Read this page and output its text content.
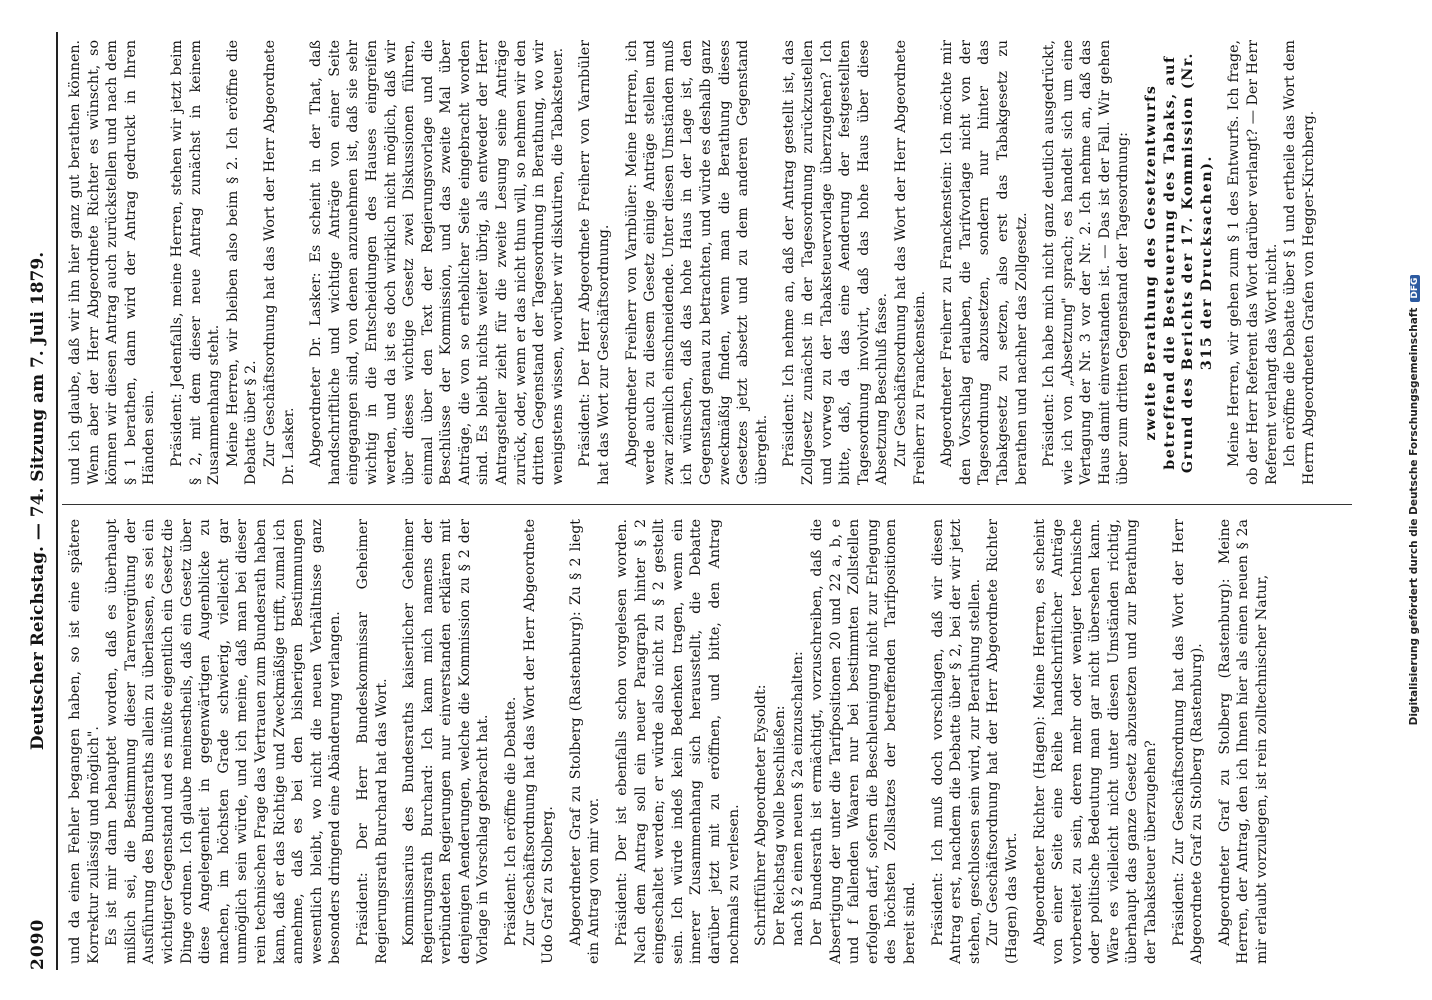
2090
Deutscher Reichstag. — 74. Sitzung am 7. Juli 1879. und da einen Fehler begangen haben, so ist eine spätere Korrektur zulässig und möglich". Es ist mir dann behauptet worden, daß es überhaupt mißlich sei, die Bestimmung dieser Tarenvergütung der Ausführung des Bundesraths allein zu überlassen, es sei ein wichtiger Gegenstand und es müßte eigentlich ein Gesetz die Dinge ordnen. Ich glaube meinestheils, daß ein Gesetz über diese Angelegenheit in gegenwärtigen Augenblicke zu machen, im höchsten Grade schwierig, vielleicht gar unmöglich sein würde, und ich meine, daß man bei dieser rein technischen Frage das Vertrauen zum Bundesrath haben kann, daß er das Richtige und Zweckmäßige trifft, zumal ich annehme, daß es bei den bisherigen Bestimmungen wesentlich bleibt, wo nicht die neuen Verhältnisse ganz besonders dringend eine Abänderung verlangen. Präsident: Der Herr Bundeskommissar Geheimer Regierungsrath Burchard hat das Wort. Kommissarius des Bundesraths kaiserlicher Geheimer Regierungsrath Burchard: Ich kann mich namens der verbündeten Regierungen nur einverstanden erklären mit denjenigen Aenderungen, welche die Kommission zu § 2 der Vorlage in Vorschlag gebracht hat. Präsident: Ich eröffne die Debatte. Zur Geschäftsordnung hat das Wort der Herr Abgeordnete Udo Graf zu Stolberg. Abgeordneter Graf zu Stolberg (Rastenburg): Zu § 2 liegt ein Antrag von mir vor. Präsident: Der ist ebenfalls schon vorgelesen worden. Nach dem Antrag soll ein neuer Paragraph hinter § 2 eingeschaltet werden; er würde also nicht zu § 2 gestellt sein. Ich würde indeß kein Bedenken tragen, wenn ein innerer Zusammenhang sich herausstellt, die Debatte darüber jetzt mit zu eröffnen, und bitte, den Antrag nochmals zu verlesen. Schriftführer Abgeordneter Eysoldt: Der Reichstag wolle beschließen: nach § 2 einen neuen § 2a einzuschalten: Der Bundesrath ist ermächtigt, vorzuschreiben, daß die Absertigung der unter die Tarifpositionen 20 und 22 a, b, e und f fallenden Waaren nur bei bestimmten Zollstellen erfolgen darf, sofern die Beschleunigung nicht zur Erlegung des höchsten Zollsatzes der betreffenden Tarifpositionen bereit sind. Präsident: Ich muß doch vorschlagen, daß wir diesen Antrag erst, nachdem die Debatte über § 2, bei der wir jetzt stehen, geschlossen sein wird, zur Berathung stellen. Zur Geschäftsordnung hat der Herr Abgeordnete Richter (Hagen) das Wort. Abgeordneter Richter (Hagen): Meine Herren, es scheint von einer Seite eine Reihe handschriftlicher Anträge vorbereitet zu sein, deren mehr oder weniger technische oder politische Bedeutung man gar nicht übersehen kann. Wäre es vielleicht nicht unter diesen Umständen richtig, überhaupt das ganze Gesetz abzusetzen und zur Berathung der Tabaksteuer überzugehen? Präsident: Zur Geschäftsordnung hat das Wort der Herr Abgeordnete Graf zu Stolberg (Rastenburg). Abgeordneter Graf zu Stolberg (Rastenburg): Meine Herren, der Antrag, den ich Ihnen hier als einen neuen § 2a mir erlaubt vorzulegen, ist rein zolltechnischer Natur,

und ich glaube, daß wir ihn hier ganz gut berathen können. Wenn aber der Herr Abgeordnete Richter es wünscht, so können wir diesen Antrag auch zurückstellen und nach dem § 1 berathen, dann wird der Antrag gedruckt in Ihren Händen sein. Präsident: Jedenfalls, meine Herren, stehen wir jetzt beim § 2, mit dem dieser neue Antrag zunächst in keinem Zusammenhang steht. Meine Herren, wir bleiben also beim § 2. Ich eröffne die Debatte über § 2. Zur Geschäftsordnung hat das Wort der Herr Abgeordnete Dr. Lasker. Abgeordneter Dr. Lasker: Es scheint in der That, daß handschriftliche und wichtige Anträge von einer Seite eingegangen sind, von denen anzunehmen ist, daß sie sehr wichtig in die Entscheidungen des Hauses eingreifen werden, und da ist es doch wirklich nicht möglich, daß wir über dieses wichtige Gesetz zwei Diskussionen führen, einmal über den Text der Regierungsvorlage und die Beschlüsse der Kommission, und das zweite Mal über Anträge, die von so erheblicher Seite eingebracht worden sind. Es bleibt nichts weiter übrig, als entweder der Herr Antragsteller zieht für die zweite Lesung seine Anträge zurück, oder, wenn er das nicht thun will, so nehmen wir den dritten Gegenstand der Tagesordnung in Berathung, wo wir wenigstens wissen, worüber wir diskutiren, die Tabaksteuer. Präsident: Der Herr Abgeordnete Freiherr von Varnbüler hat das Wort zur Geschäftsordnung. Abgeordneter Freiherr von Varnbüler: Meine Herren, ich werde auch zu diesem Gesetz einige Anträge stellen und zwar ziemlich einschneidende. Unter diesen Umständen muß ich wünschen, daß das hohe Haus in der Lage ist, den Gegenstand genau zu betrachten, und würde es deshalb ganz zweckmäßig finden, wenn man die Berathung dieses Gesetzes jetzt absetzt und zu dem anderen Gegenstand übergeht. Präsident: Ich nehme an, daß der Antrag gestellt ist, das Zollgesetz zunächst in der Tagesordnung zurückzustellen und vorweg zu der Tabaksteuervorlage überzugehen? Ich bitte, daß, da das eine Aenderung der festgestellten Tagesordnung involvirt, daß das hohe Haus über diese Absetzung Beschluß fasse. Zur Geschäftsordnung hat das Wort der Herr Abgeordnete Freiherr zu Franckenstein. Abgeordneter Freiherr zu Franckenstein: Ich möchte mir den Vorschlag erlauben, die Tarifvorlage nicht von der Tagesordnung abzusetzen, sondern nur hinter das Tabakgesetz zu setzen, also erst das Tabakgesetz zu berathen und nachher das Zollgesetz. Präsident: Ich habe mich nicht ganz deutlich ausgedrückt, wie ich von „Absetzung" sprach; es handelt sich um eine Vertagung der Nr. 3 vor der Nr. 2. Ich nehme an, daß das Haus damit einverstanden ist. — Das ist der Fall. Wir gehen über zum dritten Gegenstand der Tagesordnung: zweite Berathung des Gesetzentwurfs betreffend die Besteuerung des Tabaks, auf Grund des Berichts der 17. Kommission (Nr. 315 der Drucksachen). Meine Herren, wir gehen zum § 1 des Entwurfs. Ich frage, ob der Herr Referent das Wort darüber verlangt? — Der Herr Referent verlangt das Wort nicht. Ich eröffne die Debatte über § 1 und ertheile das Wort dem Herrn Abgeordneten Grafen von Hegger-Kirchberg.

Digitalisierung gefördert durch die Deutsche ForschungsgemeinschaftDFG
